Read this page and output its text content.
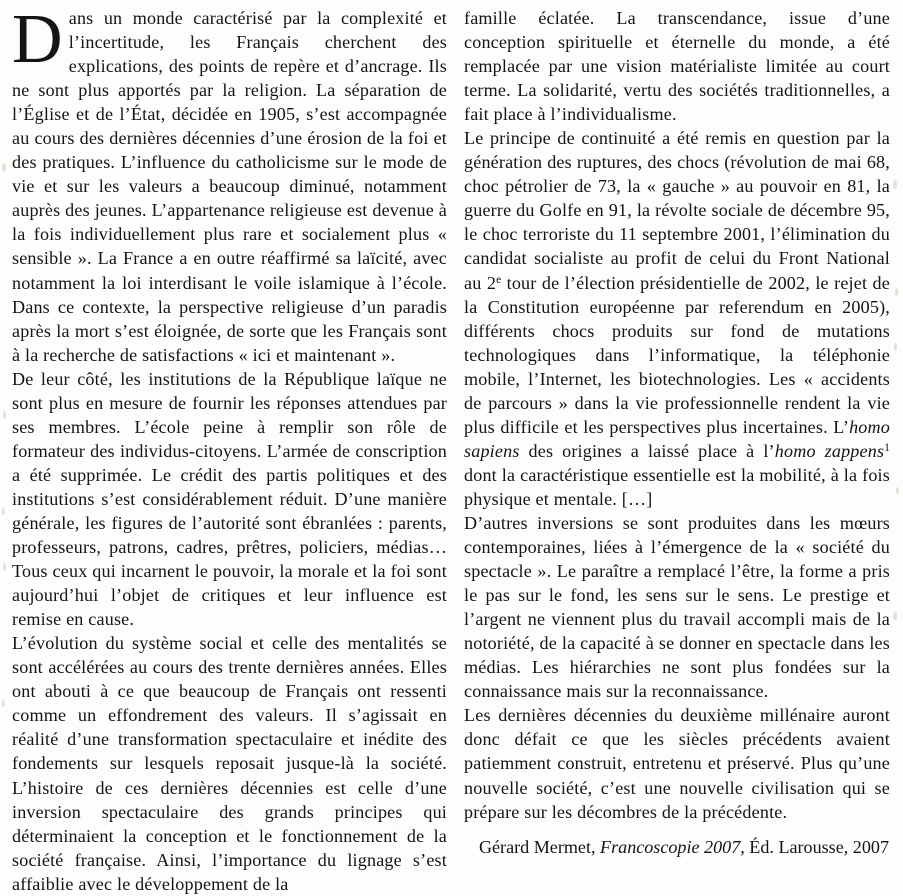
Dans un monde caractérisé par la complexité et l’incertitude, les Français cherchent des explications, des points de repère et d’ancrage. Ils ne sont plus apportés par la religion. La séparation de l’Église et de l’État, décidée en 1905, s’est accompagnée au cours des dernières décennies d’une érosion de la foi et des pratiques. L’influence du catholicisme sur le mode de vie et sur les valeurs a beaucoup diminué, notamment auprès des jeunes. L’appartenance religieuse est devenue à la fois individuellement plus rare et socialement plus « sensible ». La France a en outre réaffirmé sa laïcité, avec notamment la loi interdisant le voile islamique à l’école. Dans ce contexte, la perspective religieuse d’un paradis après la mort s’est éloignée, de sorte que les Français sont à la recherche de satisfactions « ici et maintenant ».

De leur côté, les institutions de la République laïque ne sont plus en mesure de fournir les réponses attendues par ses membres. L’école peine à remplir son rôle de formateur des individus-citoyens. L’armée de conscription a été supprimée. Le crédit des partis politiques et des institutions s’est considérablement réduit. D’une manière générale, les figures de l’autorité sont ébranlées : parents, professeurs, patrons, cadres, prêtres, policiers, médias… Tous ceux qui incarnent le pouvoir, la morale et la foi sont aujourd’hui l’objet de critiques et leur influence est remise en cause.

L’évolution du système social et celle des mentalités se sont accélérées au cours des trente dernières années. Elles ont abouti à ce que beaucoup de Français ont ressenti comme un effondrement des valeurs. Il s’agissait en réalité d’une transformation spectaculaire et inédite des fondements sur lesquels reposait jusque-là la société. L’histoire de ces dernières décennies est celle d’une inversion spectaculaire des grands principes qui déterminaient la conception et le fonctionnement de la société française. Ainsi, l’importance du lignage s’est affaiblie avec le développement de la

famille éclatée. La transcendance, issue d’une conception spirituelle et éternelle du monde, a été remplacée par une vision matérialiste limitée au court terme. La solidarité, vertu des sociétés traditionnelles, a fait place à l’individualisme.

Le principe de continuité a été remis en question par la génération des ruptures, des chocs (révolution de mai 68, choc pétrolier de 73, la « gauche » au pouvoir en 81, la guerre du Golfe en 91, la révolte sociale de décembre 95, le choc terroriste du 11 septembre 2001, l’élimination du candidat socialiste au profit de celui du Front National au 2e tour de l’élection présidentielle de 2002, le rejet de la Constitution européenne par referendum en 2005), différents chocs produits sur fond de mutations technologiques dans l’informatique, la téléphonie mobile, l’Internet, les biotechnologies. Les « accidents de parcours » dans la vie professionnelle rendent la vie plus difficile et les perspectives plus incertaines. L’homo sapiens des origines a laissé place à l’homo zappens$^1$ dont la caractéristique essentielle est la mobilité, à la fois physique et mentale. […]

D’autres inversions se sont produites dans les mœurs contemporaines, liées à l’émergence de la « société du spectacle ». Le paraître a remplacé l’être, la forme a pris le pas sur le fond, les sens sur le sens. Le prestige et l’argent ne viennent plus du travail accompli mais de la notoriété, de la capacité à se donner en spectacle dans les médias. Les hiérarchies ne sont plus fondées sur la connaissance mais sur la reconnaissance.

Les dernières décennies du deuxième millénaire auront donc défait ce que les siècles précédents avaient patiemment construit, entretenu et préservé. Plus qu’une nouvelle société, c’est une nouvelle civilisation qui se prépare sur les décombres de la précédente.

Gérard Mermet, Francoscopie 2007, Éd. Larousse, 2007
